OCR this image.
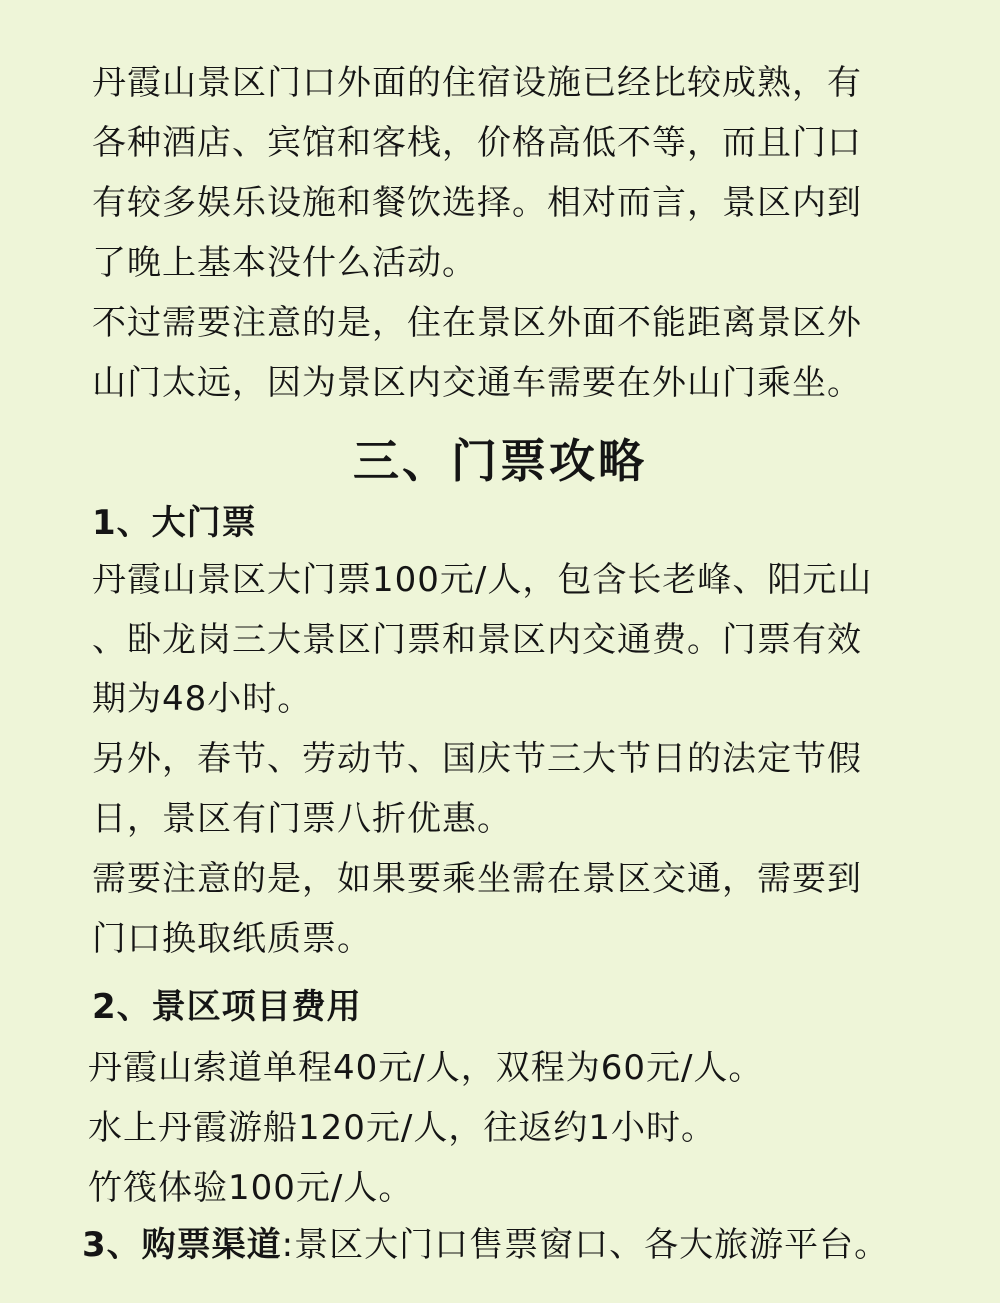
丹霞山景区门口外面的住宿设施已经比较成熟，有
各种酒店、宾馆和客栈，价格高低不等，而且门口
有较多娱乐设施和餐饮选择。相对而言，景区内到
了晚上基本没什么活动。
不过需要注意的是，住在景区外面不能距离景区外
山门太远，因为景区内交通车需要在外山门乘坐。
三、门票攻略
1、大门票
丹霞山景区大门票100元/人，包含长老峰、阳元山
、卧龙岗三大景区门票和景区内交通费。门票有效
期为48小时。
另外，春节、劳动节、国庆节三大节日的法定节假
日，景区有门票八折优惠。
需要注意的是，如果要乘坐需在景区交通，需要到
门口换取纸质票。
2、景区项目费用
丹霞山索道单程40元/人，双程为60元/人。
水上丹霞游船120元/人，往返约1小时。
竹筏体验100元/人。
3、购票渠道:景区大门口售票窗口、各大旅游平台。
